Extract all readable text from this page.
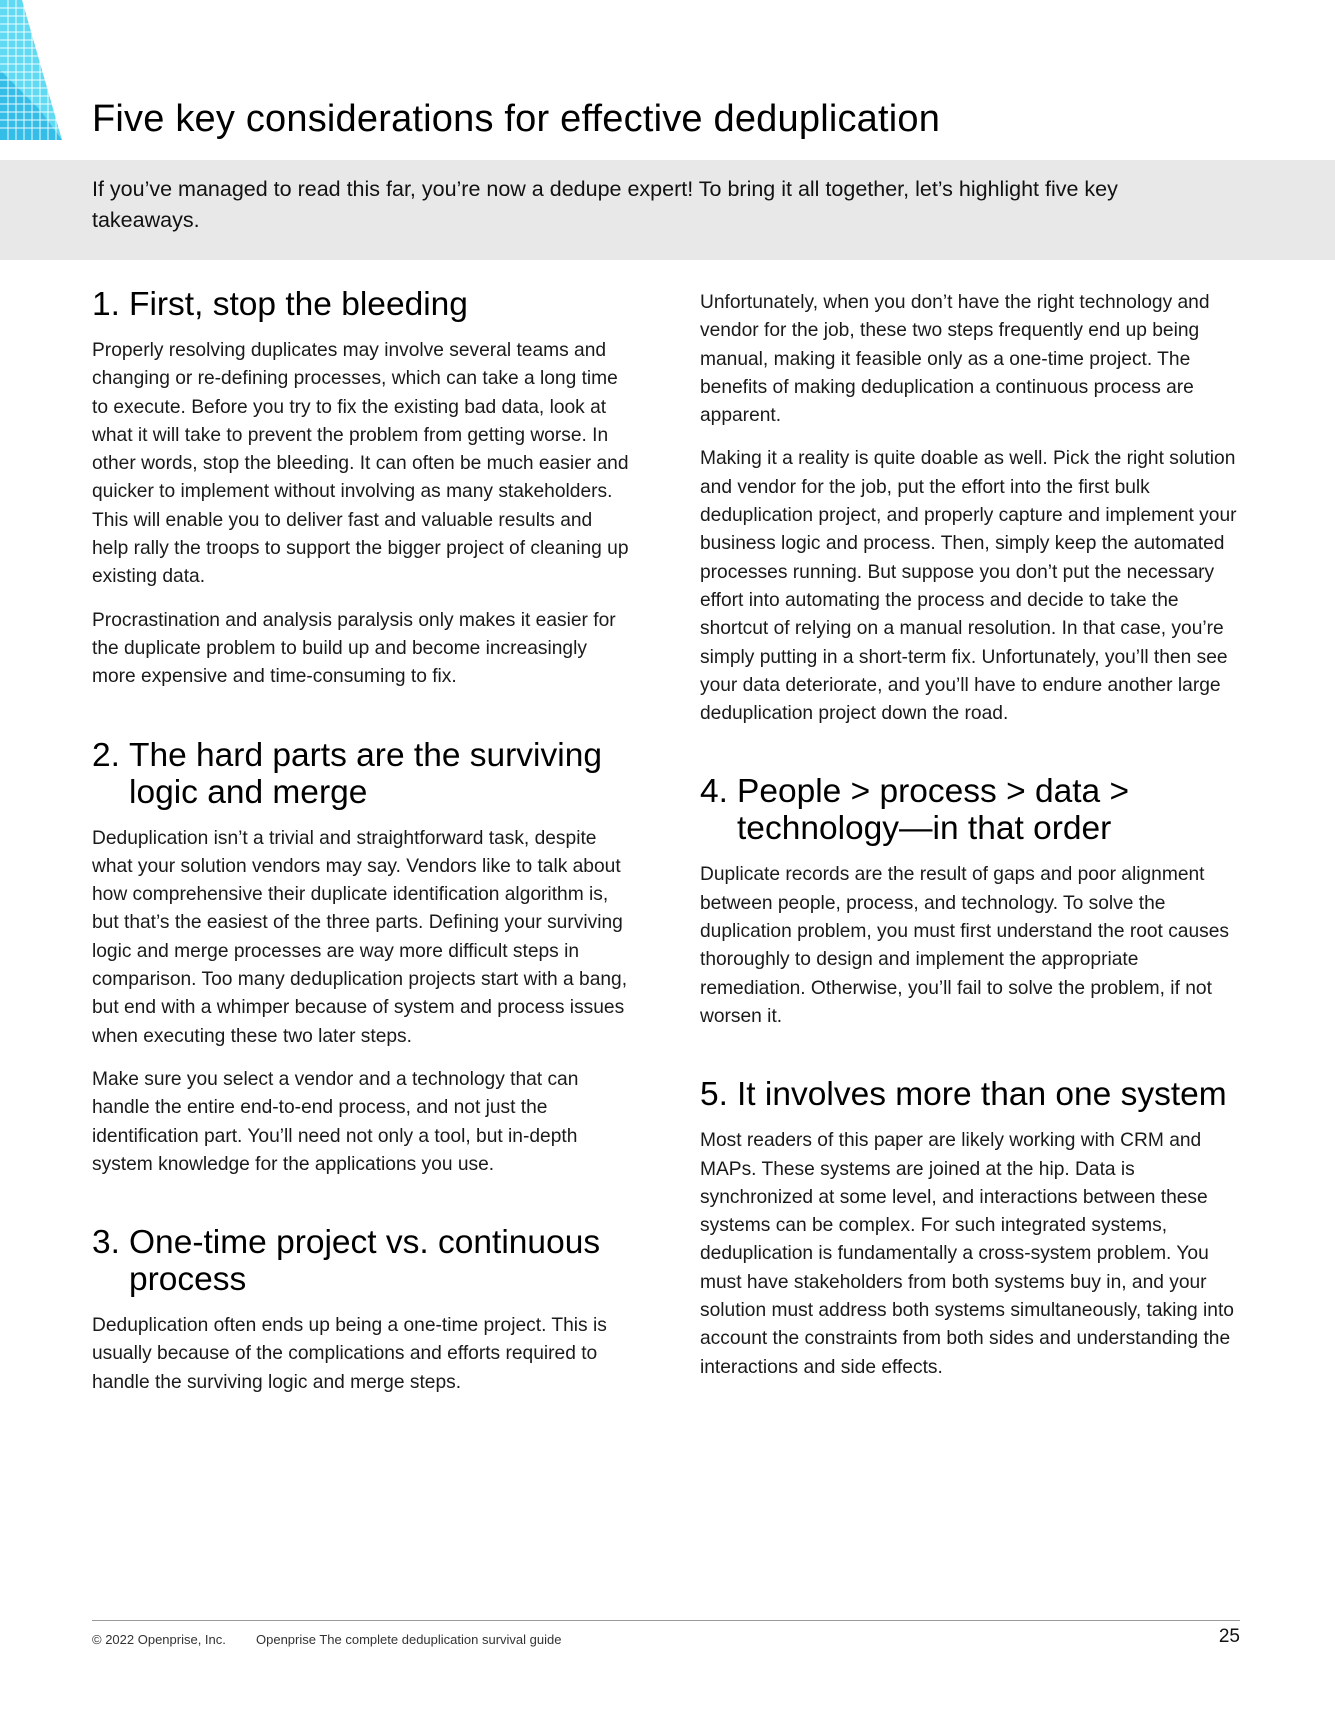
Five key considerations for effective deduplication

If you’ve managed to read this far, you’re now a dedupe expert! To bring it all together, let’s highlight five key takeaways.

1. First, stop the bleeding

Properly resolving duplicates may involve several teams and changing or re-defining processes, which can take a long time to execute. Before you try to fix the existing bad data, look at what it will take to prevent the problem from getting worse. In other words, stop the bleeding. It can often be much easier and quicker to implement without involving as many stakeholders. This will enable you to deliver fast and valuable results and help rally the troops to support the bigger project of cleaning up existing data.

Procrastination and analysis paralysis only makes it easier for the duplicate problem to build up and become increasingly more expensive and time-consuming to fix.

2. The hard parts are the surviving logic and merge

Deduplication isn’t a trivial and straightforward task, despite what your solution vendors may say. Vendors like to talk about how comprehensive their duplicate identification algorithm is, but that’s the easiest of the three parts. Defining your surviving logic and merge processes are way more difficult steps in comparison. Too many deduplication projects start with a bang, but end with a whimper because of system and process issues when executing these two later steps.

Make sure you select a vendor and a technology that can handle the entire end-to-end process, and not just the identification part. You’ll need not only a tool, but in-depth system knowledge for the applications you use.

3. One-time project vs. continuous process

Deduplication often ends up being a one-time project. This is usually because of the complications and efforts required to handle the surviving logic and merge steps.

Unfortunately, when you don’t have the right technology and vendor for the job, these two steps frequently end up being manual, making it feasible only as a one-time project. The benefits of making deduplication a continuous process are apparent.

Making it a reality is quite doable as well. Pick the right solution and vendor for the job, put the effort into the first bulk deduplication project, and properly capture and implement your business logic and process. Then, simply keep the automated processes running. But suppose you don’t put the necessary effort into automating the process and decide to take the shortcut of relying on a manual resolution. In that case, you’re simply putting in a short-term fix. Unfortunately, you’ll then see your data deteriorate, and you’ll have to endure another large deduplication project down the road.

4. People > process > data > technology—in that order

Duplicate records are the result of gaps and poor alignment between people, process, and technology. To solve the duplication problem, you must first understand the root causes thoroughly to design and implement the appropriate remediation. Otherwise, you’ll fail to solve the problem, if not worsen it.

5. It involves more than one system

Most readers of this paper are likely working with CRM and MAPs. These systems are joined at the hip. Data is synchronized at some level, and interactions between these systems can be complex. For such integrated systems, deduplication is fundamentally a cross-system problem. You must have stakeholders from both systems buy in, and your solution must address both systems simultaneously, taking into account the constraints from both sides and understanding the interactions and side effects.

© 2022 Openprise, Inc. Openprise The complete deduplication survival guide	25
